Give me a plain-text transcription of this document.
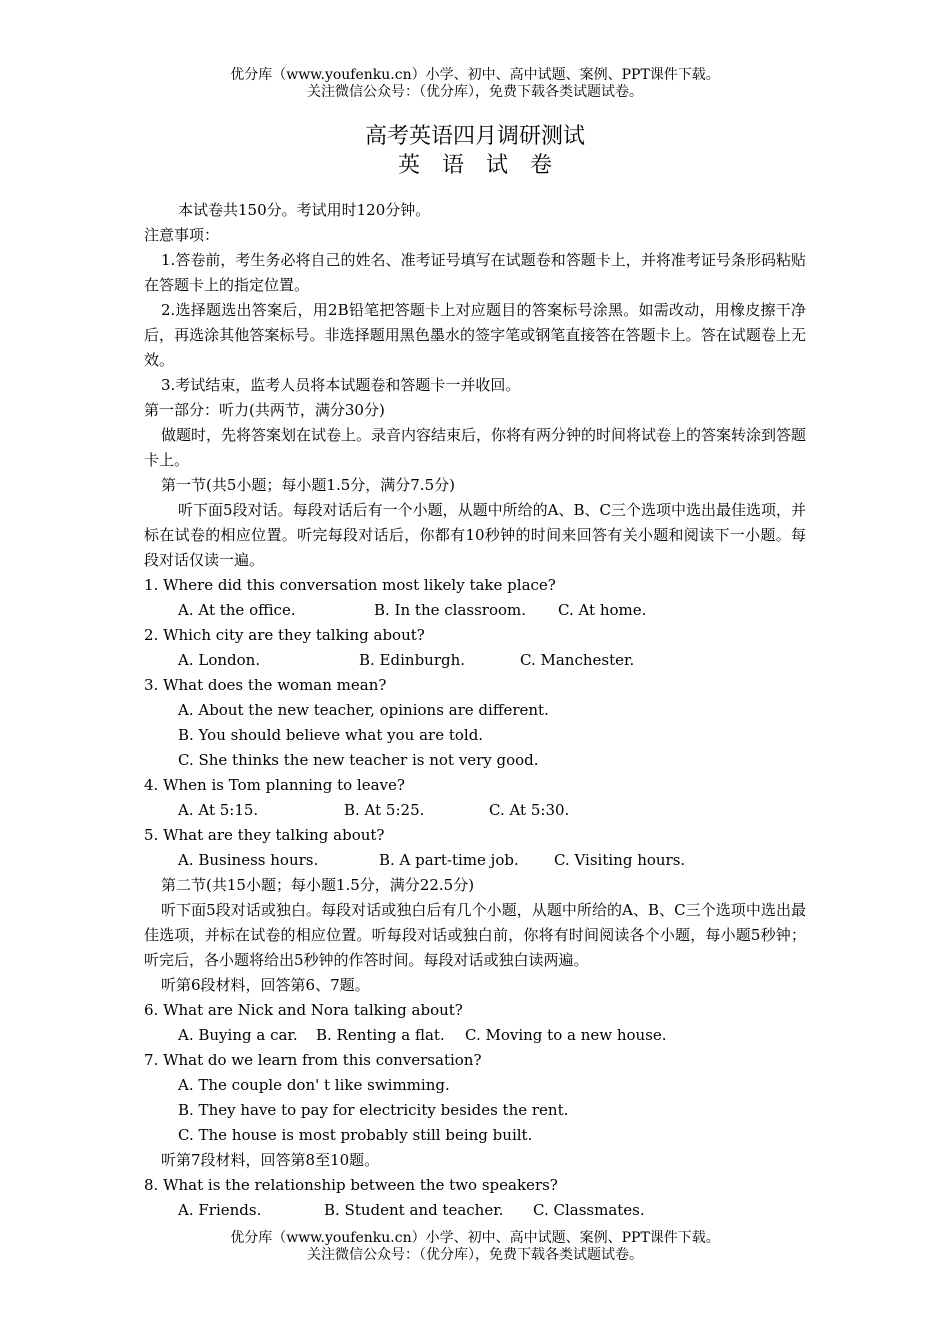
优分库（www.youfenku.cn）小学、初中、高中试题、案例、PPT课件下载。
关注微信公众号：（优分库），免费下载各类试题试卷。
高考英语四月调研测试
英语试卷

本试卷共150分。考试用时120分钟。

注意事项：

1.答卷前，考生务必将自己的姓名、准考证号填写在试题卷和答题卡上，并将准考证号条形码粘贴在答题卡上的指定位置。

2.选择题选出答案后，用2B铅笔把答题卡上对应题目的答案标号涂黑。如需改动，用橡皮擦干净后，再选涂其他答案标号。非选择题用黑色墨水的签字笔或钢笔直接答在答题卡上。答在试题卷上无效。

3.考试结束，监考人员将本试题卷和答题卡一并收回。

第一部分：听力(共两节，满分30分)

做题时，先将答案划在试卷上。录音内容结束后，你将有两分钟的时间将试卷上的答案转涂到答题卡上。

第一节(共5小题；每小题1.5分，满分7.5分)

听下面5段对话。每段对话后有一个小题，从题中所给的A、B、C三个选项中选出最佳选项，并标在试卷的相应位置。听完每段对话后，你都有10秒钟的时间来回答有关小题和阅读下一小题。每段对话仅读一遍。

1. Where did this conversation most likely take place?

A. At the office.	B. In the classroom. C. At home.

2. Which city are they talking about?

A. London.	B. Edinburgh.	C. Manchester.

3. What does the woman mean?

A. About the new teacher, opinions are different.
B. You should believe what you are told.
C. She thinks the new teacher is not very good.

4. When is Tom planning to leave?

A. At 5:15.	B. At 5:25.	C. At 5:30.

5. What are they talking about?

A. Business hours.	B. A part-time job. C. Visiting hours.

第二节(共15小题；每小题1.5分，满分22.5分)

听下面5段对话或独白。每段对话或独白后有几个小题，从题中所给的A、B、C三个选项中选出最佳选项，并标在试卷的相应位置。听每段对话或独白前，你将有时间阅读各个小题，每小题5秒钟；听完后，各小题将给出5秒钟的作答时间。每段对话或独白读两遍。

听第6段材料，回答第6、7题。

6. What are Nick and Nora talking about?

A. Buying a car. B. Renting a flat. C. Moving to a new house.

7. What do we learn from this conversation?

A. The couple don' t like swimming.
B. They have to pay for electricity besides the rent.
C. The house is most probably still being built.

听第7段材料，回答第8至10题。

8. What is the relationship between the two speakers?

A. Friends.	B. Student and teacher. C. Classmates.
优分库（www.youfenku.cn）小学、初中、高中试题、案例、PPT课件下载。
关注微信公众号：（优分库），免费下载各类试题试卷。
